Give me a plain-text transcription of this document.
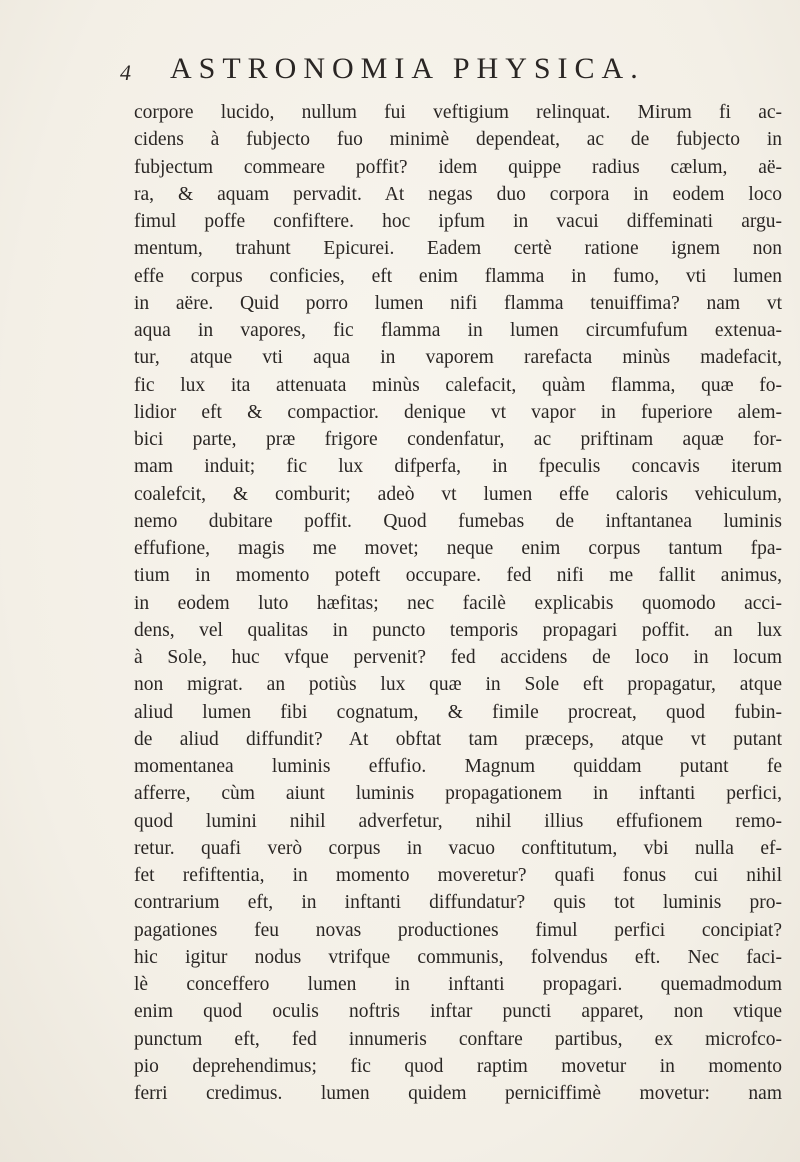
4 ASTRONOMIA PHYSICA.
corpore lucido, nullum fui veftigium relinquat. Mirum fi ac-
cidens à fubjecto fuo minimè dependeat, ac de fubjecto in
fubjectum commeare poffit? idem quippe radius cælum, aë-
ra, & aquam pervadit. At negas duo corpora in eodem loco
fimul poffe confiftere. hoc ipfum in vacui diffeminati argu-
mentum, trahunt Epicurei. Eadem certè ratione ignem non
effe corpus conficies, eft enim flamma in fumo, vti lumen
in aëre. Quid porro lumen nifi flamma tenuiffima? nam vt
aqua in vapores, fic flamma in lumen circumfufum extenua-
tur, atque vti aqua in vaporem rarefacta minùs madefacit,
fic lux ita attenuata minùs calefacit, quàm flamma, quæ fo-
lidior eft & compactior. denique vt vapor in fuperiore alem-
bici parte, præ frigore condenfatur, ac priftinam aquæ for-
mam induit; fic lux difperfa, in fpeculis concavis iterum
coalefcit, & comburit; adeò vt lumen effe caloris vehiculum,
nemo dubitare poffit. Quod fumebas de inftantanea luminis
effufione, magis me movet; neque enim corpus tantum fpa-
tium in momento poteft occupare. fed nifi me fallit animus,
in eodem luto hæfitas; nec facilè explicabis quomodo acci-
dens, vel qualitas in puncto temporis propagari poffit. an lux
à Sole, huc vfque pervenit? fed accidens de loco in locum
non migrat. an potiùs lux quæ in Sole eft propagatur, atque
aliud lumen fibi cognatum, & fimile procreat, quod fubin-
de aliud diffundit? At obftat tam præceps, atque vt putant
momentanea luminis effufio. Magnum quiddam putant fe
afferre, cùm aiunt luminis propagationem in inftanti perfici,
quod lumini nihil adverfetur, nihil illius effufionem remo-
retur. quafi verò corpus in vacuo conftitutum, vbi nulla ef-
fet refiftentia, in momento moveretur? quafi fonus cui nihil
contrarium eft, in inftanti diffundatur? quis tot luminis pro-
pagationes feu novas productiones fimul perfici concipiat?
hic igitur nodus vtrifque communis, folvendus eft. Nec faci-
lè conceffero lumen in inftanti propagari. quemadmodum
enim quod oculis noftris inftar puncti apparet, non vtique
punctum eft, fed innumeris conftare partibus, ex microfco-
pio deprehendimus; fic quod raptim movetur in momento
ferri credimus. lumen quidem perniciffimè movetur: nam
